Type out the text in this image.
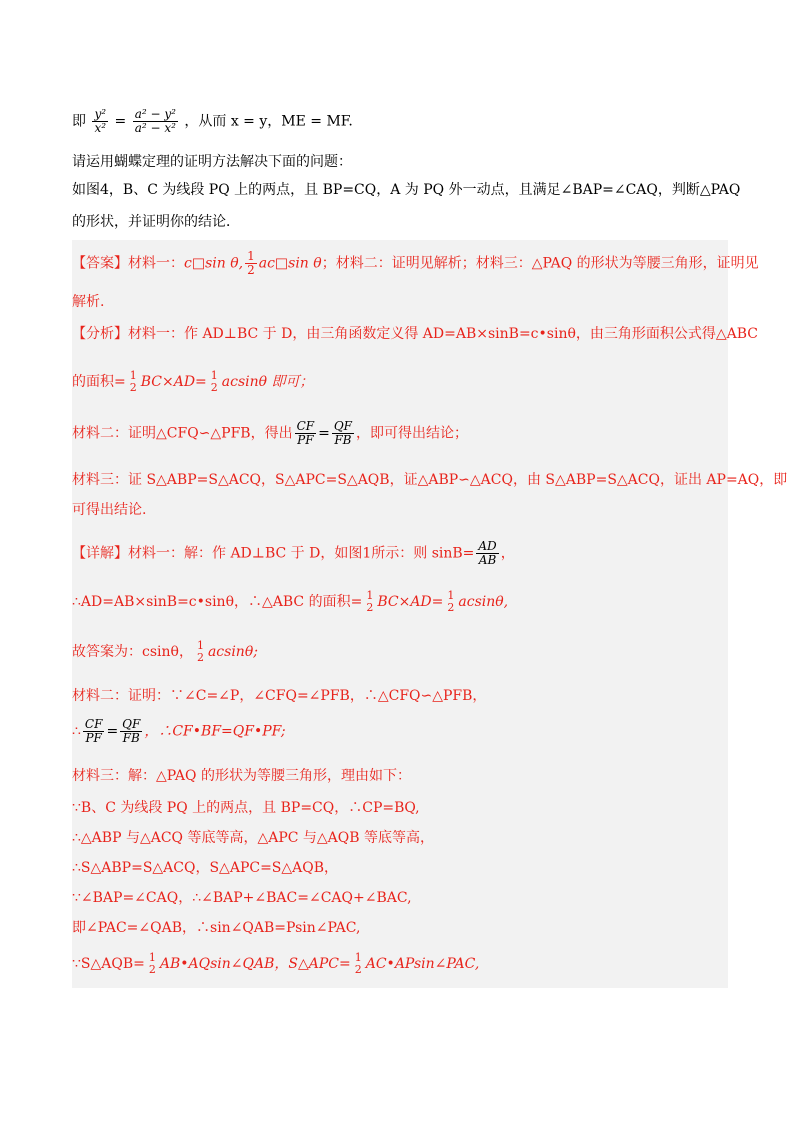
即 $\frac{\text{y²}}{\text{x²}} = \frac{\text{a² − y²}}{\text{a² − x²}}$ ，从而 x = y，ME = MF.
请运用蝴蝶定理的证明方法解决下面的问题：
如图4，B、C 为线段 PQ 上的两点，且 BP=CQ，A 为 PQ 外一动点，且满足∠BAP=∠CAQ，判断△PAQ
的形状，并证明你的结论．
【答案】材料一：c□sin θ, $\frac{1}{2}$ ac□sin θ；材料二：证明见解析；材料三：△PAQ 的形状为等腰三角形，证明见
解析.
【分析】材料一：作 AD⊥BC 于 D，由三角函数定义得 AD=AB×sinB=c•sinθ，由三角形面积公式得△ABC
的面积= 1
2 BC×AD= 1
2 acsinθ 即可；
材料二：证明△CFQ∽△PFB，得出 $\frac{CF}{PF} = \frac{QF}{FB}$ ，即可得出结论；
材料三：证 S△ABP=S△ACQ，S△APC=S△AQB，证△ABP∽△ACQ，由 S△ABP=S△ACQ，证出 AP=AQ，即
可得出结论.
【详解】材料一：解：作 AD⊥BC 于 D，如图1所示：则 $\sin B= \frac{AD}{AB}$ ，
∴AD=AB×sinB=c•sinθ，∴△ABC 的面积= 1
2 BC×AD= 1
2 acsinθ,
故答案为：csinθ， 1
2 acsinθ;
材料二：证明：∵∠C=∠P，∠CFQ=∠PFB，∴△CFQ∽△PFB，
∴ $\frac{CF}{PF} = \frac{QF}{FB}$ ，∴CF•BF=QF•PF;
材料三：解：△PAQ 的形状为等腰三角形，理由如下：
∵B、C 为线段 PQ 上的两点，且 BP=CQ，∴CP=BQ,
∴△ABP 与△ACQ 等底等高，△APC 与△AQB 等底等高，
∴S△ABP=S△ACQ，S△APC=S△AQB，
∵∠BAP=∠CAQ，∴∠BAP+∠BAC=∠CAQ+∠BAC,
即∠PAC=∠QAB，∴sin∠QAB=Psin∠PAC,
∵S△AQB= 1
2 AB•AQsin∠QAB，S△APC= 1
2 AC•APsin∠PAC,
